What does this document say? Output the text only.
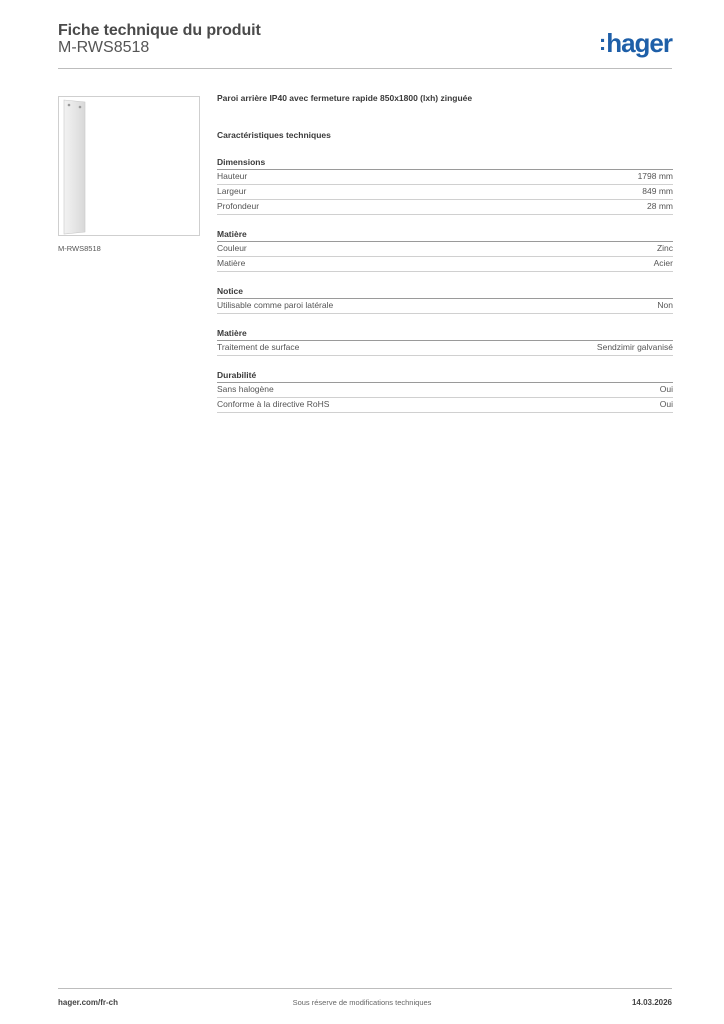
Fiche technique du produit
M-RWS8518	:hager
M-RWS8518
Paroi arrière IP40 avec fermeture rapide 850x1800 (lxh) zinguée
Caractéristiques techniques
Dimensions
Hauteur	1798 mm
Largeur	849 mm
Profondeur	28 mm
Matière
Couleur	Zinc
Matière	Acier
Notice
Utilisable comme paroi latérale	Non
Matière
Traitement de surface	Sendzimir galvanisé
Durabilité
Sans halogène	Oui
Conforme à la directive RoHS	Oui
hager.com/fr-ch	Sous réserve de modifications techniques	14.03.2026
